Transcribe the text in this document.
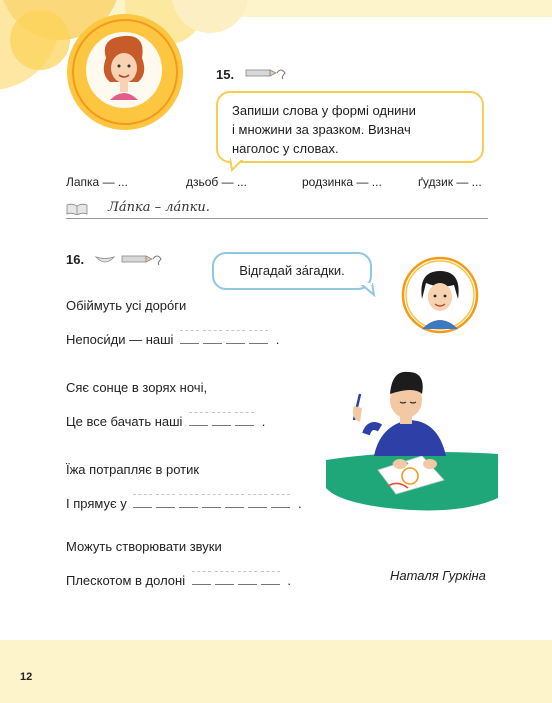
15.
Запиши слова у формі однини
і множини за зразком. Визнач
наголос у словах.
Лапка — ...	дзьоб — ...	родзинка — ...	ґудзик — ...
Ла́пка – ла́пки.
16.
Відгадай за́гадки.
Обіймуть усі доро́ги
Непоси́ди — наші	.
Сяє сонце в зорях ночі,
Це все бачать наші	.
Їжа потрапляє в ротик
І прямує у	.
Можуть створювати звуки
Плескотом в долоні	.	Наталя Гуркіна
12
